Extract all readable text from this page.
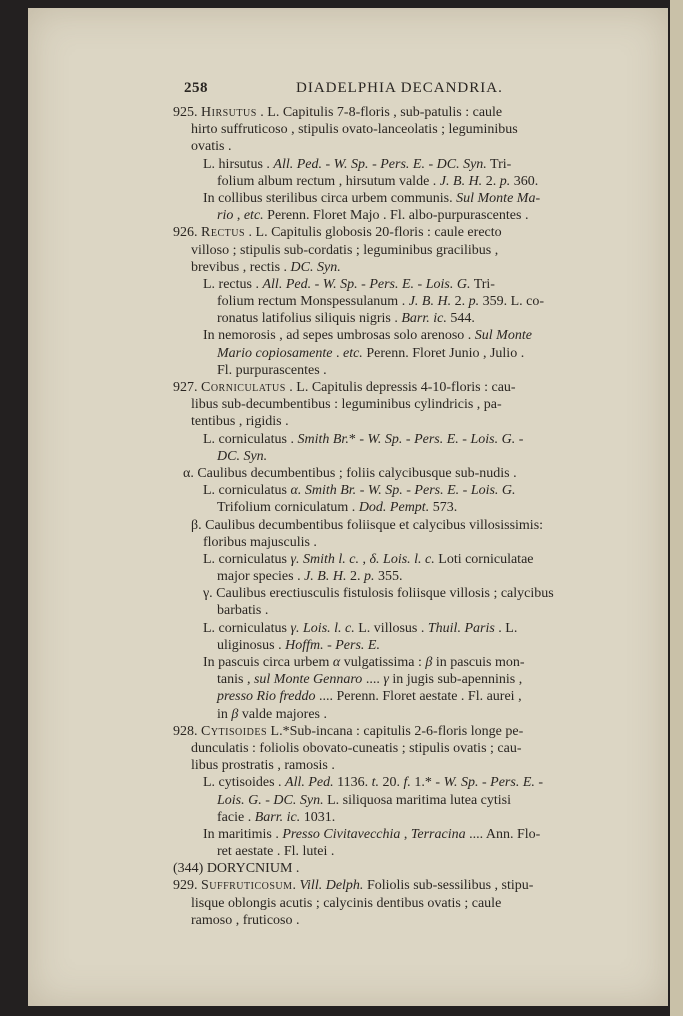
258	DIADELPHIA DECANDRIA.
925. Hirsutus . L. Capitulis 7-8-floris , sub-patulis : caule
hirto suffruticoso , stipulis ovato-lanceolatis ; leguminibus
ovatis .
L. hirsutus . All. Ped. - W. Sp. - Pers. E. - DC. Syn. Tri-
folium album rectum , hirsutum valde . J. B. H. 2. p. 360.
In collibus sterilibus circa urbem communis. Sul Monte Ma-
rio , etc. Perenn. Floret Majo . Fl. albo-purpurascentes .
926. Rectus . L. Capitulis globosis 20-floris : caule erecto
villoso ; stipulis sub-cordatis ; leguminibus gracilibus ,
brevibus , rectis . DC. Syn.
L. rectus . All. Ped. - W. Sp. - Pers. E. - Lois. G. Tri-
folium rectum Monspessulanum . J. B. H. 2. p. 359. L. co-
ronatus latifolius siliquis nigris . Barr. ic. 544.
In nemorosis , ad sepes umbrosas solo arenoso . Sul Monte
Mario copiosamente . etc. Perenn. Floret Junio , Julio .
Fl. purpurascentes .
927. Corniculatus . L. Capitulis depressis 4-10-floris : cau-
libus sub-decumbentibus : leguminibus cylindricis , pa-
tentibus , rigidis .
L. corniculatus . Smith Br.* - W. Sp. - Pers. E. - Lois. G. -
DC. Syn.
α. Caulibus decumbentibus ; foliis calycibusque sub-nudis .
L. corniculatus α. Smith Br. - W. Sp. - Pers. E. - Lois. G.
Trifolium corniculatum . Dod. Pempt. 573.
β. Caulibus decumbentibus foliisque et calycibus villosissimis:
floribus majusculis .
L. corniculatus γ. Smith l. c. , δ. Lois. l. c. Loti corniculatae
major species . J. B. H. 2. p. 355.
γ. Caulibus erectiusculis fistulosis foliisque villosis ; calycibus
barbatis .
L. corniculatus γ. Lois. l. c. L. villosus . Thuil. Paris . L.
uliginosus . Hoffm. - Pers. E.
In pascuis circa urbem α vulgatissima : β in pascuis mon-
tanis , sul Monte Gennaro .... γ in jugis sub-apenninis ,
presso Rio freddo .... Perenn. Floret aestate . Fl. aurei ,
in β valde majores .
928. Cytisoides L.*Sub-incana : capitulis 2-6-floris longe pe-
dunculatis : foliolis obovato-cuneatis ; stipulis ovatis ; cau-
libus prostratis , ramosis .
L. cytisoides . All. Ped. 1136. t. 20. f. 1.* - W. Sp. - Pers. E. -
Lois. G. - DC. Syn. L. siliquosa maritima lutea cytisi
facie . Barr. ic. 1031.
In maritimis . Presso Civitavecchia , Terracina .... Ann. Flo-
ret aestate . Fl. lutei .
(344) DORYCNIUM .
929. Suffruticosum. Vill. Delph. Foliolis sub-sessilibus , stipu-
lisque oblongis acutis ; calycinis dentibus ovatis ; caule
ramoso , fruticoso .
